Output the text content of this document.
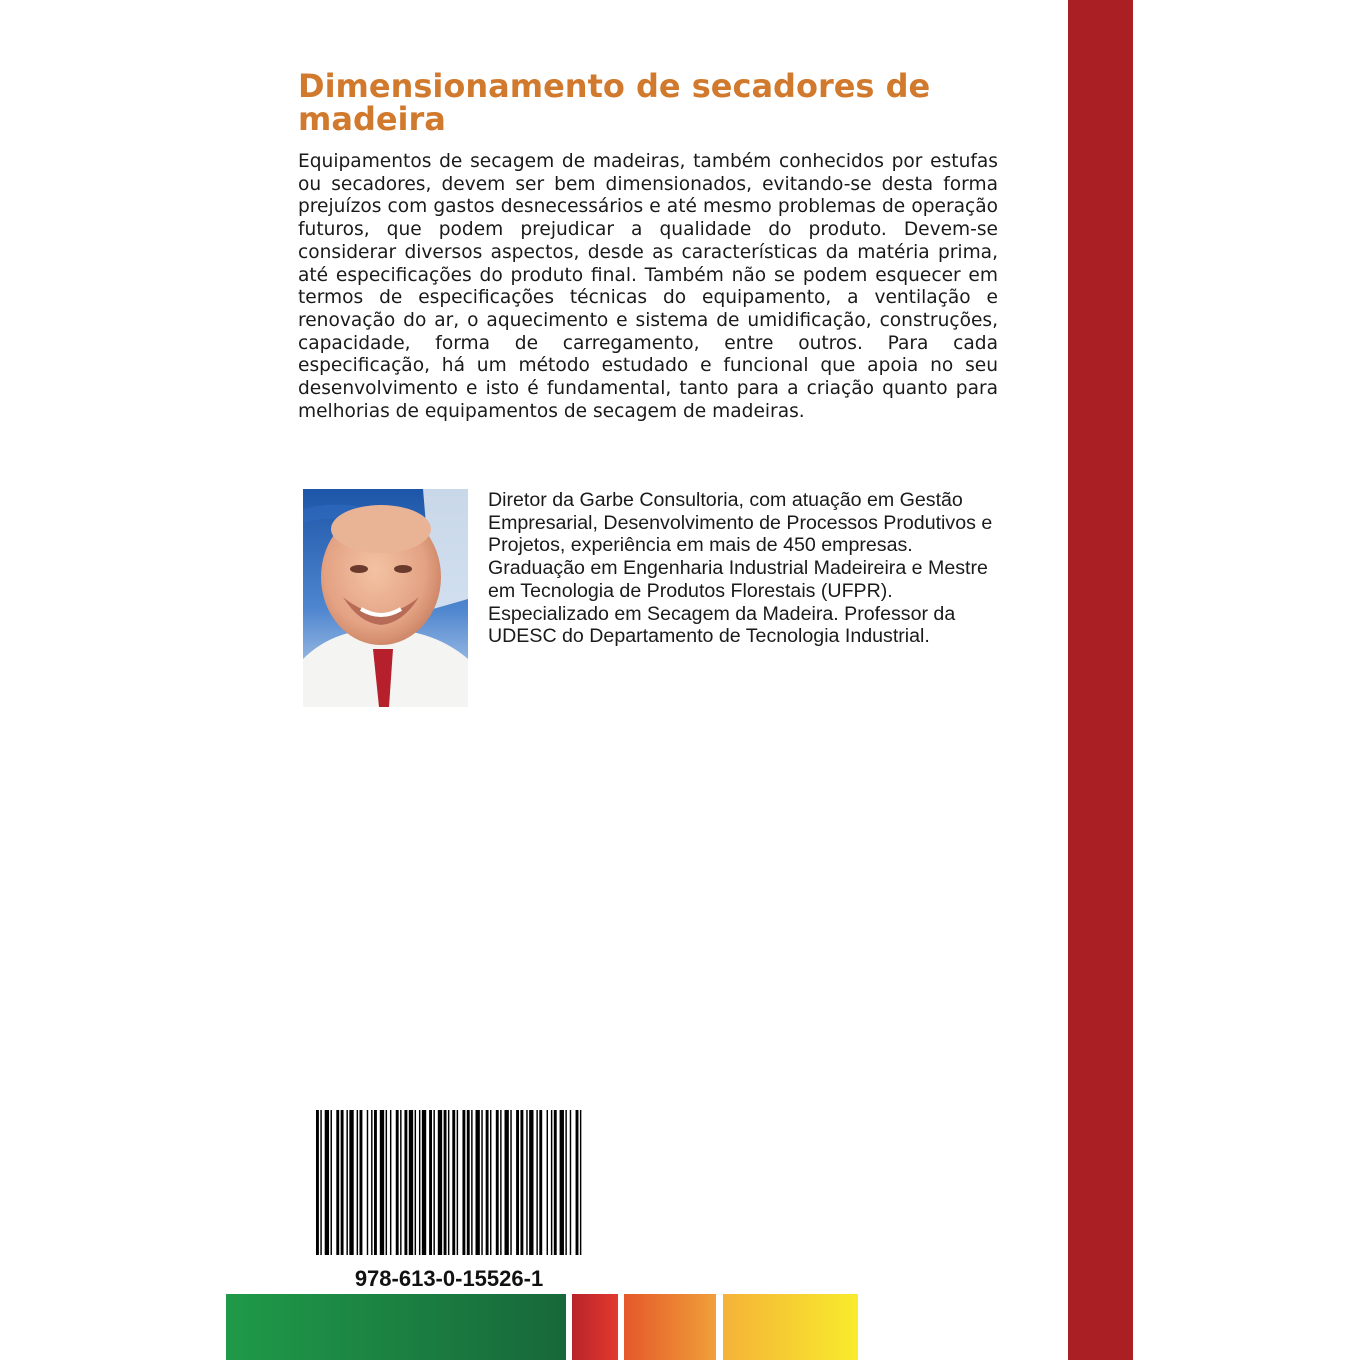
Dimensionamento de secadores de madeira

Equipamentos de secagem de madeiras, também conhecidos por estufas ou secadores, devem ser bem dimensionados, evitando-se desta forma prejuízos com gastos desnecessários e até mesmo problemas de operação futuros, que podem prejudicar a qualidade do produto. Devem-se considerar diversos aspectos, desde as características da matéria prima, até especificações do produto final. Também não se podem esquecer em termos de especificações técnicas do equipamento, a ventilação e renovação do ar, o aquecimento e sistema de umidificação, construções, capacidade, forma de carregamento, entre outros. Para cada especificação, há um método estudado e funcional que apoia no seu desenvolvimento e isto é fundamental, tanto para a criação quanto para melhorias de equipamentos de secagem de madeiras.

Diretor da Garbe Consultoria, com atuação em Gestão Empresarial, Desenvolvimento de Processos Produtivos e Projetos, experiência em mais de 450 empresas. Graduação em Engenharia Industrial Madeireira e Mestre em Tecnologia de Produtos Florestais (UFPR). Especializado em Secagem da Madeira. Professor da UDESC do Departamento de Tecnologia Industrial.

978-613-0-15526-1
